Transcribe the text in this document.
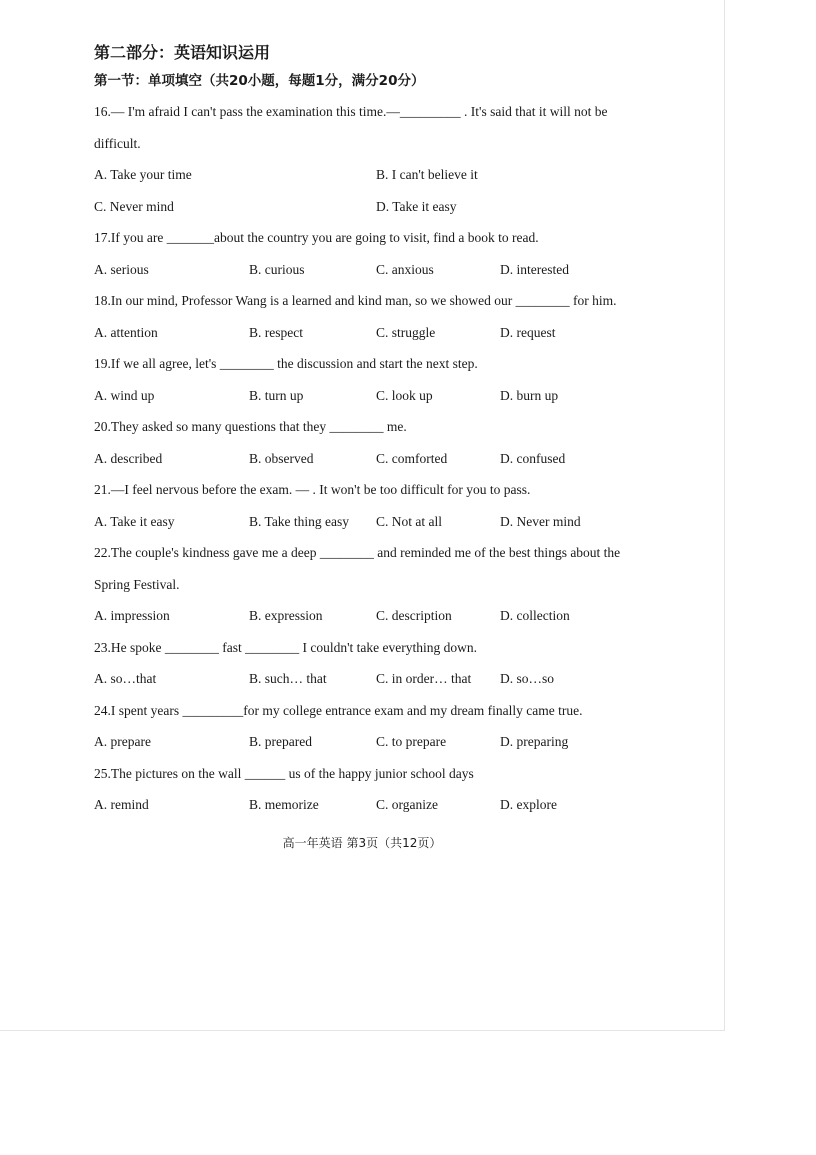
第二部分：英语知识运用
第一节：单项填空（共20小题，每题1分，满分20分）
16.— I'm afraid I can't pass the examination this time.—_________ . It's said that it will not be
difficult.
A. Take your time	B. I can't believe it
C. Never mind	D. Take it easy
17.If you are _______about the country you are going to visit, find a book to read.
A. serious	B. curious	C. anxious	D. interested
18.In our mind, Professor Wang is a learned and kind man, so we showed our ________ for him.
A. attention	B. respect	C. struggle	D. request
19.If we all agree, let's ________ the discussion and start the next step.
A. wind up	B. turn up	C. look up	D. burn up
20.They asked so many questions that they ________ me.
A. described	B. observed	C. comforted	D. confused
21.—I feel nervous before the exam. — . It won't be too difficult for you to pass.
A. Take it easy	B. Take thing easy C. Not at all	D. Never mind
22.The couple's kindness gave me a deep ________ and reminded me of the best things about the
Spring Festival.
A. impression	B. expression	C. description	D. collection
23.He spoke ________ fast ________ I couldn't take everything down.
A. so…that	B. such… that	C. in order… that D. so…so
24.I spent years _________for my college entrance exam and my dream finally came true.
A. prepare	B. prepared	C. to prepare	D. preparing
25.The pictures on the wall ______ us of the happy junior school days
A. remind	B. memorize	C. organize	D. explore
高一年英语 第3页（共12页）
